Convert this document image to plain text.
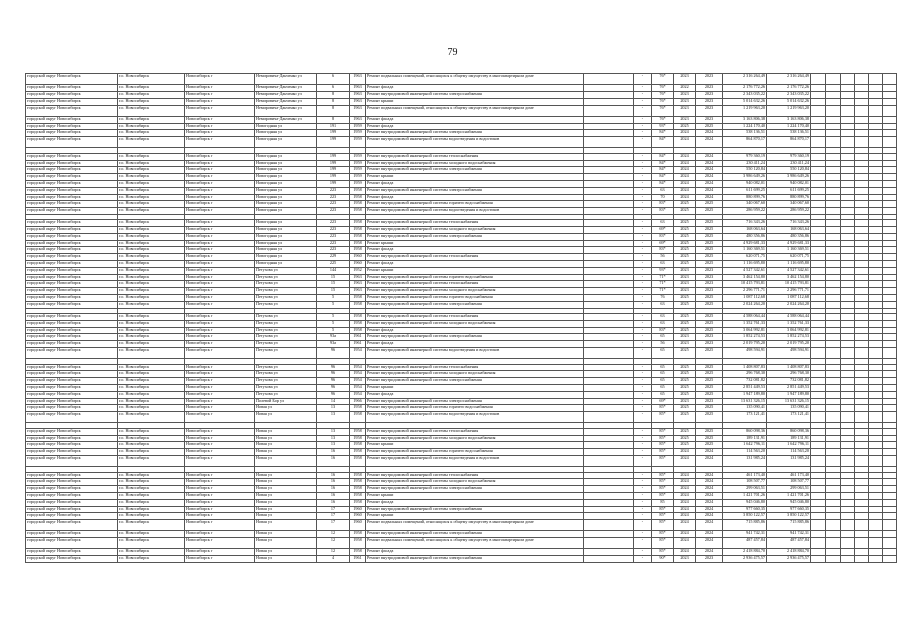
79
городской округ Новосибирск	г.о. Новосибирск	Новосибирск г	Немировича-Данченко ул	6	1963	Ремонт подвальных помещений, относящихся к общему имуществу в многоквартирном доме		-	76*	2023	2023	2 316 264,49	2 316 264,49						
городской округ Новосибирск	г.о. Новосибирск	Новосибирск г	Немировича-Данченко ул	6	1963	Ремонт фасада		-	76*	2022	2023	2 176 772,26	2 176 772,26						
городской округ Новосибирск	г.о. Новосибирск	Новосибирск г	Немировича-Данченко ул	8	1963	Ремонт внутридомовой инженерной системы электроснабжения		-	76*	2023	2023	2 343 035,22	2 343 035,22						
городской округ Новосибирск	г.о. Новосибирск	Новосибирск г	Немировича-Данченко ул	8	1963	Ремонт крыши		-	76*	2023	2023	5 014 632,26	5 014 632,26						
городской округ Новосибирск	г.о. Новосибирск	Новосибирск г	Немировича-Данченко ул	8	1963	Ремонт подвальных помещений, относящихся к общему имуществу в многоквартирном доме		-	76*	2023	2023	1 219 963,20	1 219 963,20						
городской округ Новосибирск	г.о. Новосибирск	Новосибирск г	Немировича-Данченко ул	8	1963	Ремонт фасада		-	76*	2023	2023	3 163 806,38	3 163 806,38						
городской округ Новосибирск	г.о. Новосибирск	Новосибирск г	Новогодняя ул	191	1959	Ремонт фасада		-	93*	2025	2025	1 224 170,40	1 224 170,40						
городской округ Новосибирск	г.о. Новосибирск	Новосибирск г	Новогодняя ул	199	1959	Ремонт внутридомовой инженерной системы электроснабжения		-	84*	2024	2024	538 136,51	538 136,51						
городской округ Новосибирск	г.о. Новосибирск	Новосибирск г	Новогодняя ул	199	1959	Ремонт внутридомовой инженерной системы водоотведения и водостоков		-	84*	2024	2024	864 870,17	864 870,17						

городской округ Новосибирск	г.о. Новосибирск	Новосибирск г	Новогодняя ул	199	1959	Ремонт внутридомовой инженерной системы теплоснабжения		-	84*	2024	2024	979 360,19	979 360,19						
городской округ Новосибирск	г.о. Новосибирск	Новосибирск г	Новогодняя ул	199	1959	Ремонт внутридомовой инженерной системы холодного водоснабжения		-	84*	2024	2024	230 411,24	230 411,24						
городской округ Новосибирск	г.о. Новосибирск	Новосибирск г	Новогодняя ул	199	1959	Ремонт внутридомовой инженерной системы электроснабжения		-	84*	2024	2024	550 120,84	550 120,84						
городской округ Новосибирск	г.о. Новосибирск	Новосибирск г	Новогодняя ул	199	1959	Ремонт крыши		-	84*	2024	2024	3 986 649,26	3 986 649,26						
городской округ Новосибирск	г.о. Новосибирск	Новосибирск г	Новогодняя ул	199	1959	Ремонт фасада		-	84*	2024	2024	940 082,01	940 082,01						
городской округ Новосибирск	г.о. Новосибирск	Новосибирск г	Новогодняя ул	223	1958	Ремонт внутридомовой инженерной системы электроснабжения		-	63	2024	2024	611 699,25	611 699,25						
городской округ Новосибирск	г.о. Новосибирск	Новосибирск г	Новогодняя ул	223	1958	Ремонт фасада		-	70	2024	2024	880 899,76	880 899,76						
городской округ Новосибирск	г.о. Новосибирск	Новосибирск г	Новогодняя ул	223	1958	Ремонт внутридомовой инженерной системы горячего водоснабжения		-	83*	2025	2025	340 067,60	340 067,60						
городской округ Новосибирск	г.о. Новосибирск	Новосибирск г	Новогодняя ул	223	1958	Ремонт внутридомовой инженерной системы водоотведения и водостоков		-	83*	2025	2025	286 959,22	286 959,22						

городской округ Новосибирск	г.о. Новосибирск	Новосибирск г	Новогодняя ул	223	1958	Ремонт внутридомовой инженерной системы теплоснабжения		-	63	2025	2025	716 343,26	716 343,26						
городской округ Новосибирск	г.о. Новосибирск	Новосибирск г	Новогодняя ул	223	1958	Ремонт внутридомовой инженерной системы холодного водоснабжения		-	69*	2025	2025	168 063,64	168 063,64						
городской округ Новосибирск	г.о. Новосибирск	Новосибирск г	Новогодняя ул	223	1958	Ремонт внутридомовой инженерной системы электроснабжения		-	83*	2025	2025	480 356,86	480 356,86						
городской округ Новосибирск	г.о. Новосибирск	Новосибирск г	Новогодняя ул	223	1958	Ремонт крыши		-	69*	2025	2025	4 929 681,33	4 929 681,33						
городской округ Новосибирск	г.о. Новосибирск	Новосибирск г	Новогодняя ул	223	1958	Ремонт фасада		-	83*	2025	2025	1 160 369,51	1 160 369,51						
городской округ Новосибирск	г.о. Новосибирск	Новосибирск г	Новогодняя ул	229	1960	Ремонт внутридомовой инженерной системы теплоснабжения		-	56	2025	2025	620 071,75	620 071,75						
городской округ Новосибирск	г.о. Новосибирск	Новосибирск г	Новогодняя ул	225	1960	Ремонт фасада		-	63	2025	2025	1 116 695,80	1 116 695,80						
городской округ Новосибирск	г.о. Новосибирск	Новосибирск г	Петухова ул	144	1952	Ремонт крыши		-	93*	2023	2023	4 527 342,61	4 527 342,61						
городской округ Новосибирск	г.о. Новосибирск	Новосибирск г	Петухова ул	15	1963	Ремонт внутридомовой инженерной системы горячего водоснабжения		-	71*	2023	2023	3 462 154,80	3 462 154,80						
городской округ Новосибирск	г.о. Новосибирск	Новосибирск г	Петухова ул	15	1963	Ремонт внутридомовой инженерной системы теплоснабжения		-	71*	2023	2023	10 415 793,81	10 415 793,81						
городской округ Новосибирск	г.о. Новосибирск	Новосибирск г	Петухова ул	15	1963	Ремонт внутридомовой инженерной системы холодного водоснабжения		-	71*	2023	2023	2 296 771,71	2 296 771,71						
городской округ Новосибирск	г.о. Новосибирск	Новосибирск г	Петухова ул	5	1958	Ремонт внутридомовой инженерной системы горячего водоснабжения		-	76	2025	2025	1 087 112,68	1 087 112,68						
городской округ Новосибирск	г.о. Новосибирск	Новосибирск г	Петухова ул	5	1958	Ремонт внутридомовой инженерной системы электроснабжения		-	63	2025	2025	2 024 264,20	2 024 264,20						

городской округ Новосибирск	г.о. Новосибирск	Новосибирск г	Петухова ул	5	1958	Ремонт внутридомовой инженерной системы теплоснабжения		-	63	2025	2025	4 588 064,44	4 588 064,44						
городской округ Новосибирск	г.о. Новосибирск	Новосибирск г	Петухова ул	5	1958	Ремонт внутридомовой инженерной системы холодного водоснабжения		-	63	2025	2025	1 352 761,33	1 352 761,33						
городской округ Новосибирск	г.о. Новосибирск	Новосибирск г	Петухова ул	5	1958	Ремонт фасада		-	83*	2025	2025	3 064 992,81	3 064 992,81						
городской округ Новосибирск	г.о. Новосибирск	Новосибирск г	Петухова ул	93а	1961	Ремонт внутридомовой инженерной системы электроснабжения		-	65	2023	2023	1 852 274,53	1 852 274,53						
городской округ Новосибирск	г.о. Новосибирск	Новосибирск г	Петухова ул	93а	1961	Ремонт фасада		-	56	2023	2023	2 019 795,20	2 019 795,20						
городской округ Новосибирск	г.о. Новосибирск	Новосибирск г	Петухова ул	96	1954	Ремонт внутридомовой инженерной системы водоотведения и водостоков		-	65	2025	2025	498 594,91	498 594,91						

городской округ Новосибирск	г.о. Новосибирск	Новосибирск г	Петухова ул	96	1954	Ремонт внутридомовой инженерной системы теплоснабжения		-	65	2025	2025	1 408 807,83	1 408 807,83						
городской округ Новосибирск	г.о. Новосибирск	Новосибирск г	Петухова ул	96	1954	Ремонт внутридомовой инженерной системы холодного водоснабжения		-	65	2025	2025	296 768,30	296 768,30						
городской округ Новосибирск	г.о. Новосибирск	Новосибирск г	Петухова ул	96	1954	Ремонт внутридомовой инженерной системы электроснабжения		-	65	2025	2025	732 081,82	732 081,82						
городской округ Новосибирск	г.о. Новосибирск	Новосибирск г	Петухова ул	96	1954	Ремонт крыши		-	65	2025	2025	2 851 449,53	2 851 449,53						
городской округ Новосибирск	г.о. Новосибирск	Новосибирск г	Петухова ул	96	1954	Ремонт фасада		-	65	2025	2025	1 947 189,80	1 947 189,80						
городской округ Новосибирск	г.о. Новосибирск	Новосибирск г	Полевой Бор ул	14	1966	Ремонт внутридомовой инженерной системы электроснабжения		-	69*	2023	2023	13 631 326,15	13 631 326,15						
городской округ Новосибирск	г.о. Новосибирск	Новосибирск г	Новая ул	13	1958	Ремонт внутридомовой инженерной системы горячего водоснабжения		-	85*	2025	2025	135 090,41	135 090,41						
городской округ Новосибирск	г.о. Новосибирск	Новосибирск г	Новая ул	13	1958	Ремонт внутридомовой инженерной системы водоотведения и водостоков		-	85*	2025	2025	173 121,41	173 121,41						

городской округ Новосибирск	г.о. Новосибирск	Новосибирск г	Новая ул	13	1958	Ремонт внутридомовой инженерной системы теплоснабжения		-	85*	2025	2025	860 098,36	860 098,36						
городской округ Новосибирск	г.о. Новосибирск	Новосибирск г	Новая ул	13	1958	Ремонт внутридомовой инженерной системы холодного водоснабжения		-	85*	2025	2025	189 131,91	189 131,91						
городской округ Новосибирск	г.о. Новосибирск	Новосибирск г	Новая ул	13	1958	Ремонт крыши		-	85*	2025	2025	1 642 796,11	1 642 796,11						
городской округ Новосибирск	г.о. Новосибирск	Новосибирск г	Новая ул	16	1958	Ремонт внутридомовой инженерной системы горячего водоснабжения		-	85*	2024	2024	114 563,20	114 563,20						
городской округ Новосибирск	г.о. Новосибирск	Новосибирск г	Новая ул	16	1958	Ремонт внутридомовой инженерной системы водоотведения и водостоков		-	85*	2024	2024	131 985,24	131 985,24						

городской округ Новосибирск	г.о. Новосибирск	Новосибирск г	Новая ул	16	1958	Ремонт внутридомовой инженерной системы теплоснабжения		-	85*	2024	2024	461 173,40	461 173,40						
городской округ Новосибирск	г.о. Новосибирск	Новосибирск г	Новая ул	16	1958	Ремонт внутридомовой инженерной системы холодного водоснабжения		-	85*	2024	2024	108 507,77	108 507,77						
городской округ Новосибирск	г.о. Новосибирск	Новосибирск г	Новая ул	16	1958	Ремонт внутридомовой инженерной системы электроснабжения		-	85*	2024	2024	299 063,51	299 063,51						
городской округ Новосибирск	г.о. Новосибирск	Новосибирск г	Новая ул	16	1958	Ремонт крыши		-	85*	2024	2024	1 421 701,26	1 421 701,26						
городской округ Новосибирск	г.о. Новосибирск	Новосибирск г	Новая ул	16	1958	Ремонт фасада		-	85	2024	2024	945 046,80	945 046,80						
городской округ Новосибирск	г.о. Новосибирск	Новосибирск г	Новая ул	17	1960	Ремонт внутридомовой инженерной системы электроснабжения		-	85*	2024	2024	977 660,35	977 660,35						
городской округ Новосибирск	г.о. Новосибирск	Новосибирск г	Новая ул	17	1960	Ремонт крыши		-	85*	2024	2024	3 850 122,57	3 850 122,57						
городской округ Новосибирск	г.о. Новосибирск	Новосибирск г	Новая ул	17	1960	Ремонт подвальных помещений, относящихся к общему имуществу в многоквартирном доме		-	85*	2024	2024	715 885,86	715 885,86						
городской округ Новосибирск	г.о. Новосибирск	Новосибирск г	Новая ул	12	1958	Ремонт внутридомовой инженерной системы электроснабжения		-	85*	2024	2024	941 742,31	941 742,31						
городской округ Новосибирск	г.о. Новосибирск	Новосибирск г	Новая ул	12	1958	Ремонт подвальных помещений, относящихся к общему имуществу в многоквартирном доме		-	85*	2024	2024	487 457,84	487 457,84						
городской округ Новосибирск	г.о. Новосибирск	Новосибирск г	Новая ул	12	1958	Ремонт фасада		-	85*	2024	2024	2 418 884,70	2 418 884,70						
городской округ Новосибирск	г.о. Новосибирск	Новосибирск г	Новая ул	4	1961	Ремонт внутридомовой инженерной системы электроснабжения		-	90*	2023	2023	2 936 475,57	2 936 475,57						
